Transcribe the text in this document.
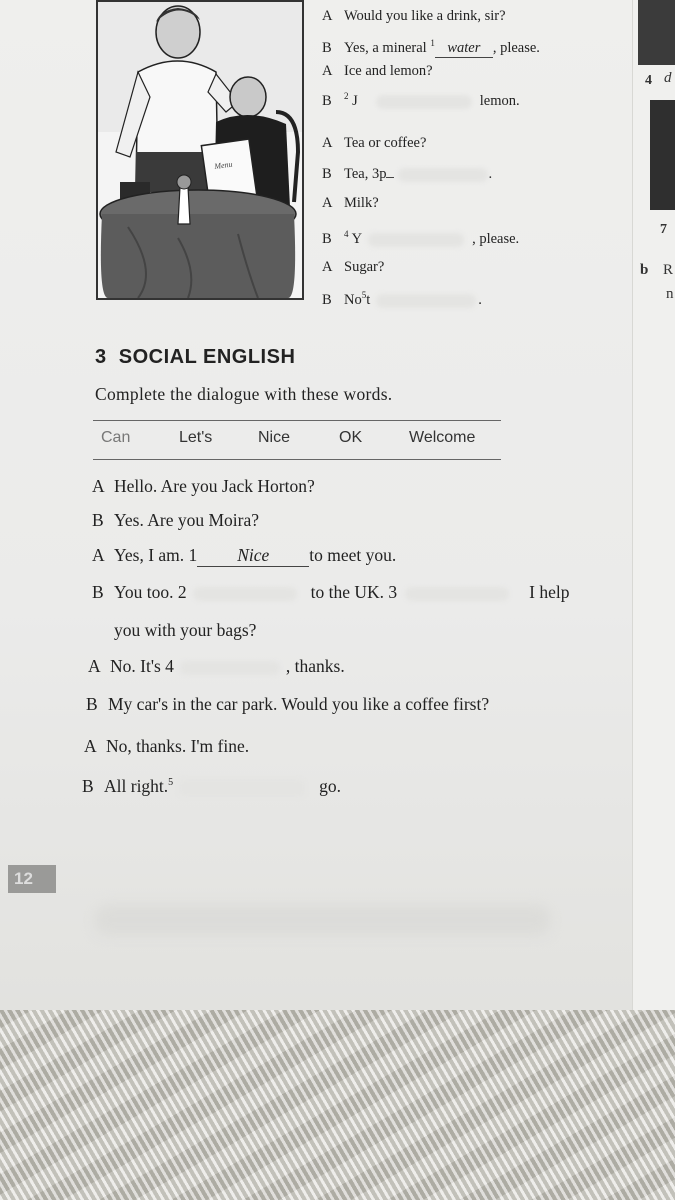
4 d
7
b R
n
Menu
A Would you like a drink, sir?
B Yes, a mineral $^1$ water , please.
A Ice and lemon?
B $^2$ J	lemon.
A Tea or coffee?
B Tea, 3p	.
A Milk?
B $^4$ Y	, please.
A Sugar?
B No$^5$t	.
3 SOCIAL ENGLISH
Complete the dialogue with these words.
Can	Let's	Nice	OK	Welcome
A Hello. Are you Jack Horton?
B Yes. Are you Moira?
A Yes, I am. 1 Nice to meet you.
B You too. 2	to the UK. 3	I help
you with your bags?
A No. It's 4	, thanks.
B My car's in the car park. Would you like a coffee first?
A No, thanks. I'm fine.
B All right.$^5$	go.
12
